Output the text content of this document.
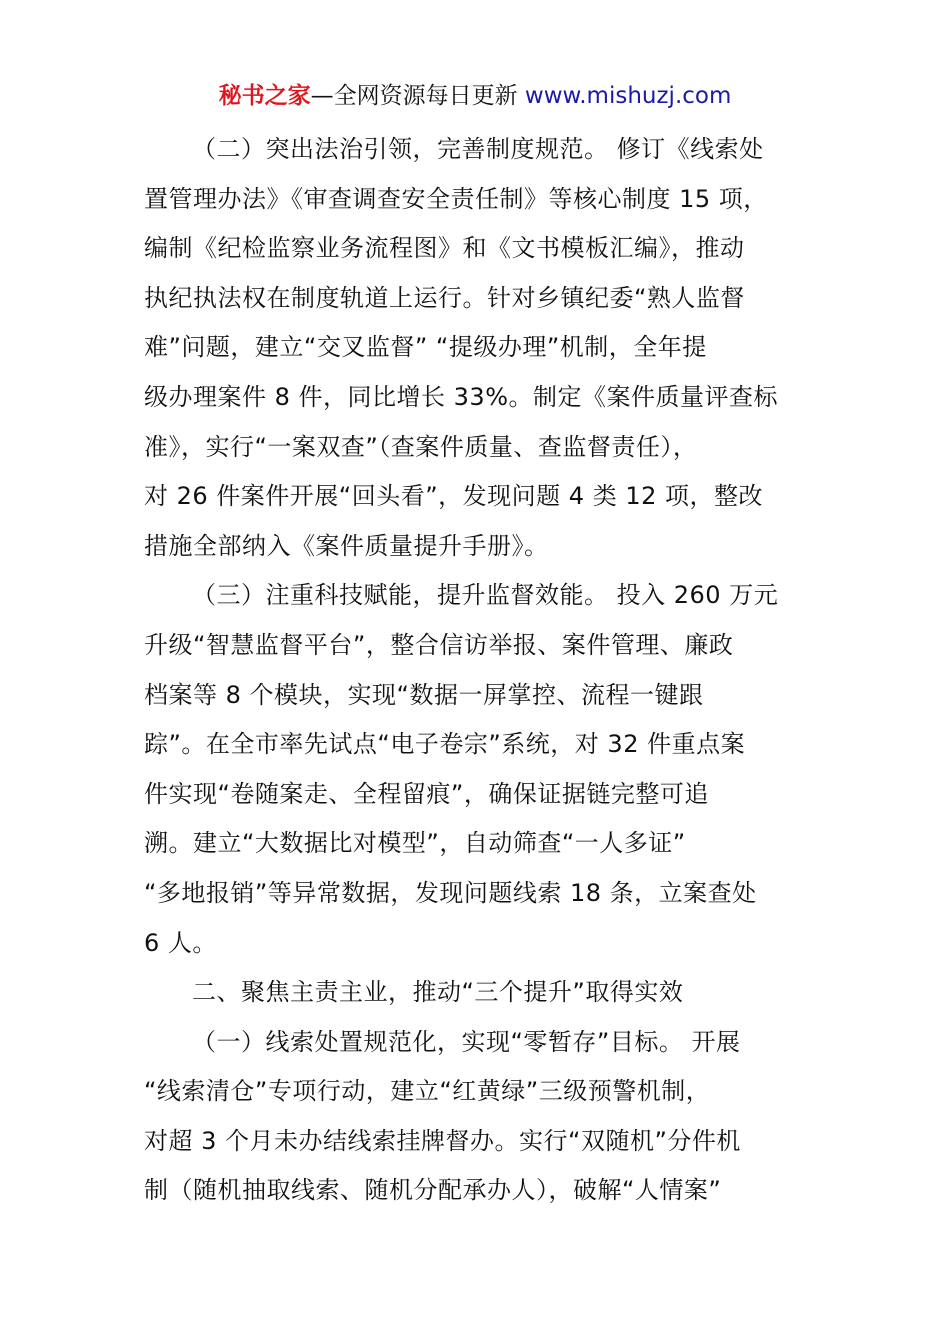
秘书之家—全网资源每日更新 www.mishuzj.com
（二）突出法治引领，完善制度规范。 修订《线索处
置管理办法》《审查调查安全责任制》等核心制度 15 项，
编制《纪检监察业务流程图》和《文书模板汇编》，推动
执纪执法权在制度轨道上运行。针对乡镇纪委“熟人监督
难”问题，建立“交叉监督” “提级办理”机制，全年提
级办理案件 8 件，同比增长 33%。制定《案件质量评查标
准》，实行“一案双查”（查案件质量、查监督责任），
对 26 件案件开展“回头看”，发现问题 4 类 12 项，整改
措施全部纳入《案件质量提升手册》。
（三）注重科技赋能，提升监督效能。 投入 260 万元
升级“智慧监督平台”，整合信访举报、案件管理、廉政
档案等 8 个模块，实现“数据一屏掌控、流程一键跟
踪”。在全市率先试点“电子卷宗”系统，对 32 件重点案
件实现“卷随案走、全程留痕”，确保证据链完整可追
溯。建立“大数据比对模型”，自动筛查“一人多证”
“多地报销”等异常数据，发现问题线索 18 条，立案查处
6 人。
二、聚焦主责主业，推动“三个提升”取得实效
（一）线索处置规范化，实现“零暂存”目标。 开展
“线索清仓”专项行动，建立“红黄绿”三级预警机制，
对超 3 个月未办结线索挂牌督办。实行“双随机”分件机
制（随机抽取线索、随机分配承办人），破解“人情案”
